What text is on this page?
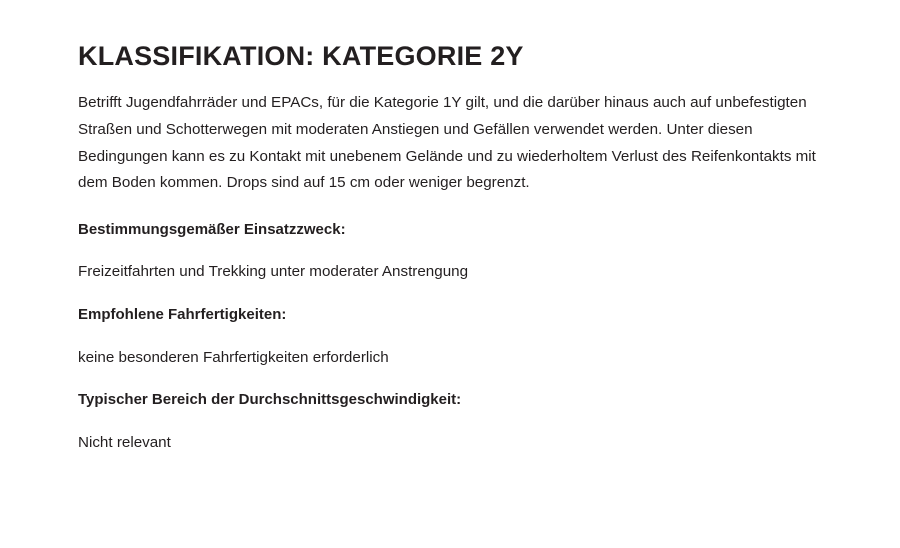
KLASSIFIKATION: KATEGORIE 2Y

Betrifft Jugendfahrräder und EPACs, für die Kategorie 1Y gilt, und die darüber hinaus auch auf unbefestigten Straßen und Schotterwegen mit moderaten Anstiegen und Gefällen verwendet werden. Unter diesen Bedingungen kann es zu Kontakt mit unebenem Gelände und zu wiederholtem Verlust des Reifenkontakts mit dem Boden kommen. Drops sind auf 15 cm oder weniger begrenzt.

Bestimmungsgemäßer Einsatzzweck:

Freizeitfahrten und Trekking unter moderater Anstrengung

Empfohlene Fahrfertigkeiten:

keine besonderen Fahrfertigkeiten erforderlich

Typischer Bereich der Durchschnittsgeschwindigkeit:

Nicht relevant
